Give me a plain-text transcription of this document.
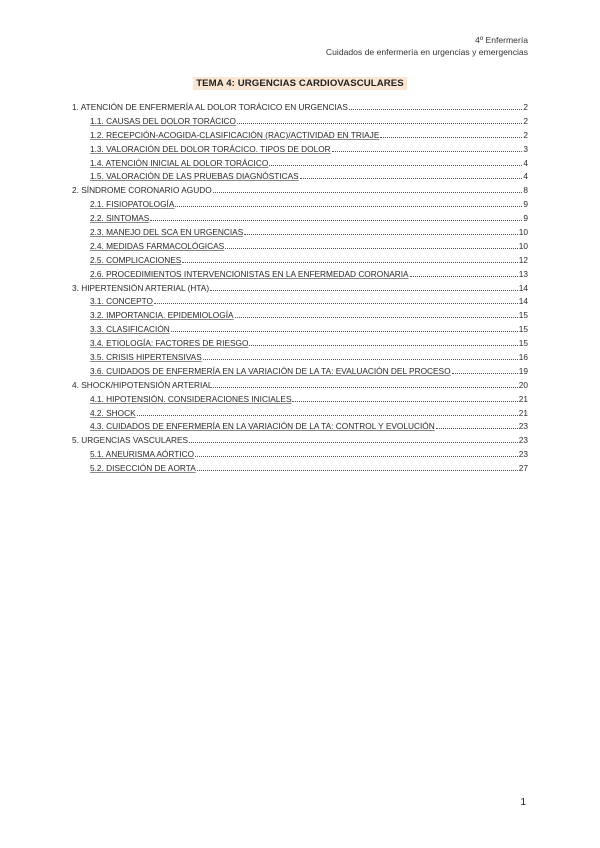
4º Enfermería
Cuidados de enfermería en urgencias y emergencias
TEMA 4: URGENCIAS CARDIOVASCULARES
1. ATENCIÓN DE ENFERMERÍA AL DOLOR TORÁCICO EN URGENCIAS	2
1.1. CAUSAS DEL DOLOR TORÁCICO	2
1.2. RECEPCIÓN-ACOGIDA-CLASIFICACIÓN (RAC)/ACTIVIDAD EN TRIAJE	2
1.3. VALORACIÓN DEL DOLOR TORÁCICO. TIPOS DE DOLOR	3
1.4. ATENCIÓN INICIAL AL DOLOR TORÁCICO	4
1.5. VALORACIÓN DE LAS PRUEBAS DIAGNÓSTICAS	4
2. SÍNDROME CORONARIO AGUDO	8
2.1. FISIOPATOLOGÍA	9
2.2. SINTOMAS	9
2.3. MANEJO DEL SCA EN URGENCIAS	10
2.4. MEDIDAS FARMACOLÓGICAS	10
2.5. COMPLICACIONES	12
2.6. PROCEDIMIENTOS INTERVENCIONISTAS EN LA ENFERMEDAD CORONARIA	13
3. HIPERTENSIÓN ARTERIAL (HTA)	14
3.1. CONCEPTO	14
3.2. IMPORTANCIA. EPIDEMIOLOGÍA	15
3.3. CLASIFICACIÓN	15
3.4. ETIOLOGÍA: FACTORES DE RIESGO	15
3.5. CRISIS HIPERTENSIVAS	16
3.6. CUIDADOS DE ENFERMERÍA EN LA VARIACIÓN DE LA TA: EVALUACIÓN DEL PROCESO	19
4. SHOCK/HIPOTENSIÓN ARTERIAL	20
4.1. HIPOTENSIÓN. CONSIDERACIONES INICIALES	21
4.2. SHOCK	21
4.3. CUIDADOS DE ENFERMERÍA EN LA VARIACIÓN DE LA TA: CONTROL Y EVOLUCIÓN	23
5. URGENCIAS VASCULARES	23
5.1. ANEURISMA AÓRTICO	23
5.2. DISECCIÓN DE AORTA	27
1
